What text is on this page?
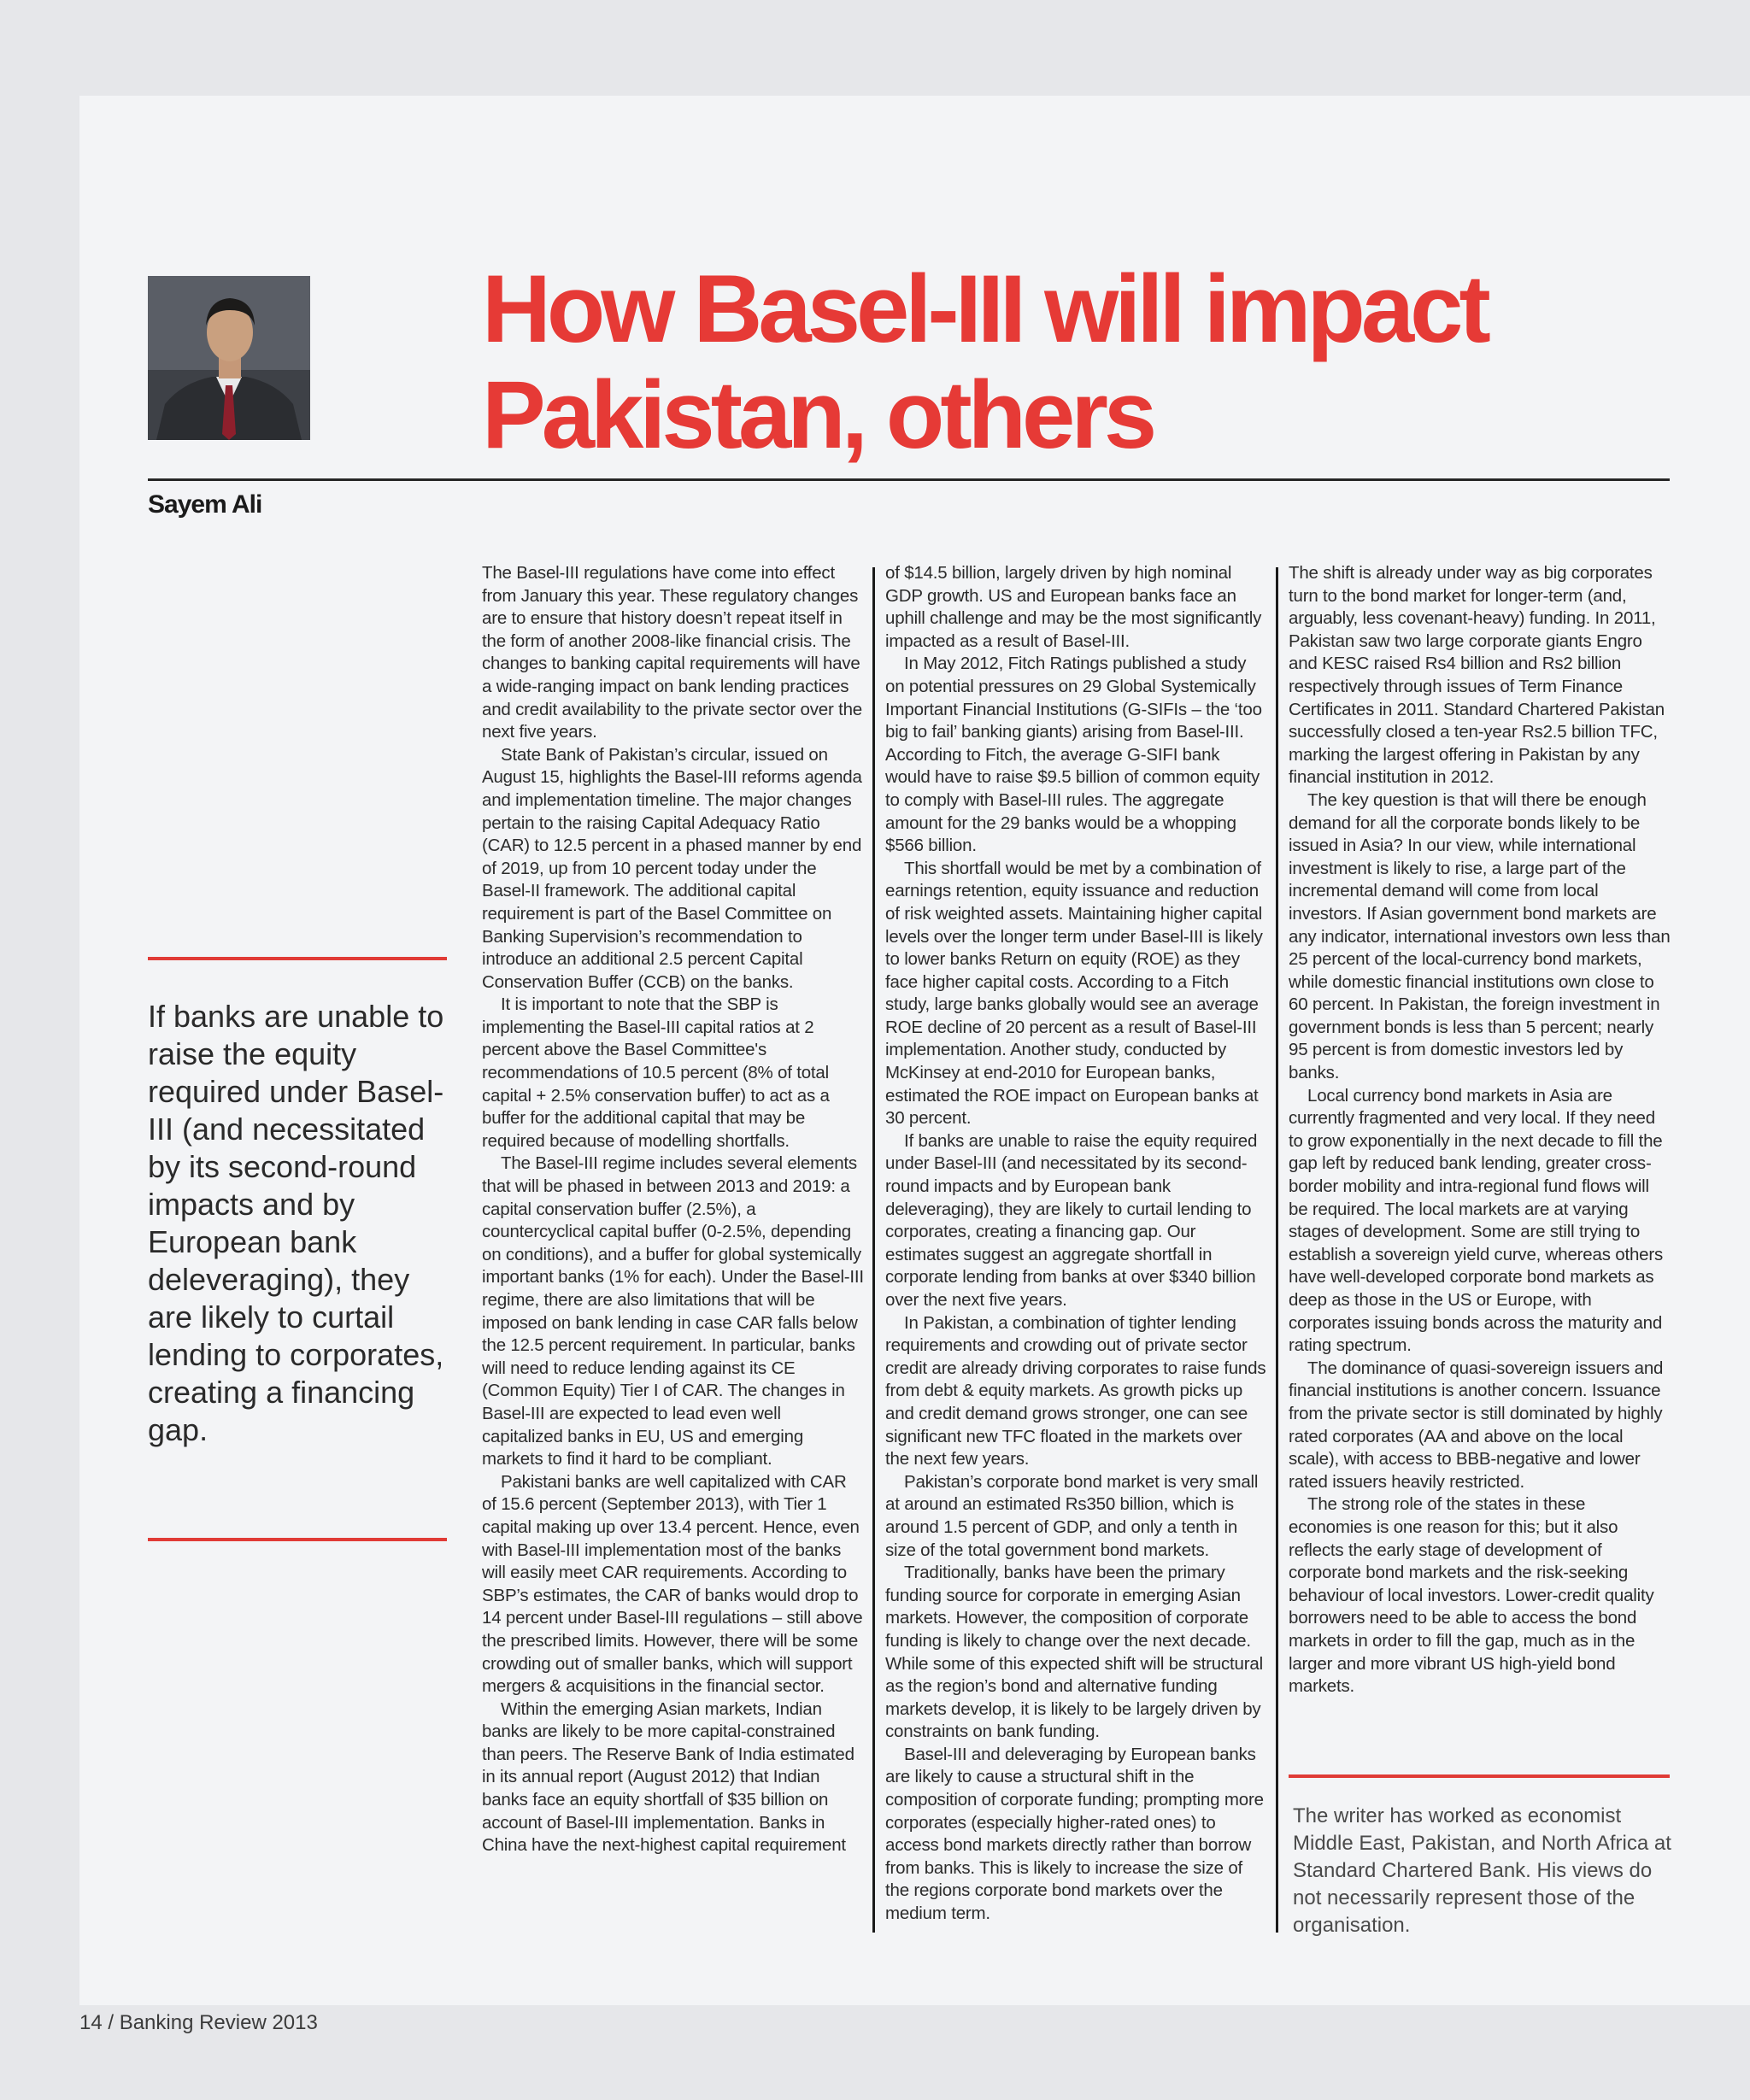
How Basel-III will impact Pakistan, others

Sayem Ali

If banks are unable to raise the equity required under Basel-III (and necessitated by its second-round impacts and by European bank deleveraging), they are likely to curtail lending to corporates, creating a financing gap.

The Basel-III regulations have come into effect from January this year. These regulatory changes are to ensure that history doesn’t repeat itself in the form of another 2008-like financial crisis. The changes to banking capital requirements will have a wide-ranging impact on bank lending practices and credit availability to the private sector over the next five years.

State Bank of Pakistan’s circular, issued on August 15, highlights the Basel-III reforms agenda and implementation timeline. The major changes pertain to the raising Capital Adequacy Ratio (CAR) to 12.5 percent in a phased manner by end of 2019, up from 10 percent today under the Basel-II framework. The additional capital requirement is part of the Basel Committee on Banking Supervision’s recommendation to introduce an additional 2.5 percent Capital Conservation Buffer (CCB) on the banks.

It is important to note that the SBP is implementing the Basel-III capital ratios at 2 percent above the Basel Committee's recommendations of 10.5 percent (8% of total capital + 2.5% conservation buffer) to act as a buffer for the additional capital that may be required because of modelling shortfalls.

The Basel-III regime includes several elements that will be phased in between 2013 and 2019: a capital conservation buffer (2.5%), a countercyclical capital buffer (0-2.5%, depending on conditions), and a buffer for global systemically important banks (1% for each). Under the Basel-III regime, there are also limitations that will be imposed on bank lending in case CAR falls below the 12.5 percent requirement. In particular, banks will need to reduce lending against its CE (Common Equity) Tier I of CAR. The changes in Basel-III are expected to lead even well capitalized banks in EU, US and emerging markets to find it hard to be compliant.

Pakistani banks are well capitalized with CAR of 15.6 percent (September 2013), with Tier 1 capital making up over 13.4 percent. Hence, even with Basel-III implementation most of the banks will easily meet CAR requirements. According to SBP’s estimates, the CAR of banks would drop to 14 percent under Basel-III regulations – still above the prescribed limits. However, there will be some crowding out of smaller banks, which will support mergers & acquisitions in the financial sector.

Within the emerging Asian markets, Indian banks are likely to be more capital-constrained than peers. The Reserve Bank of India estimated in its annual report (August 2012) that Indian banks face an equity shortfall of $35 billion on account of Basel-III implementation. Banks in China have the next-highest capital requirement

of $14.5 billion, largely driven by high nominal GDP growth. US and European banks face an uphill challenge and may be the most significantly impacted as a result of Basel-III.

In May 2012, Fitch Ratings published a study on potential pressures on 29 Global Systemically Important Financial Institutions (G-SIFIs – the ‘too big to fail’ banking giants) arising from Basel-III. According to Fitch, the average G-SIFI bank would have to raise $9.5 billion of common equity to comply with Basel-III rules. The aggregate amount for the 29 banks would be a whopping $566 billion.

This shortfall would be met by a combination of earnings retention, equity issuance and reduction of risk weighted assets. Maintaining higher capital levels over the longer term under Basel-III is likely to lower banks Return on equity (ROE) as they face higher capital costs. According to a Fitch study, large banks globally would see an average ROE decline of 20 percent as a result of Basel-III implementation. Another study, conducted by McKinsey at end-2010 for European banks, estimated the ROE impact on European banks at 30 percent.

If banks are unable to raise the equity required under Basel-III (and necessitated by its second-round impacts and by European bank deleveraging), they are likely to curtail lending to corporates, creating a financing gap. Our estimates suggest an aggregate shortfall in corporate lending from banks at over $340 billion over the next five years.

In Pakistan, a combination of tighter lending requirements and crowding out of private sector credit are already driving corporates to raise funds from debt & equity markets. As growth picks up and credit demand grows stronger, one can see significant new TFC floated in the markets over the next few years.

Pakistan’s corporate bond market is very small at around an estimated Rs350 billion, which is around 1.5 percent of GDP, and only a tenth in size of the total government bond markets.

Traditionally, banks have been the primary funding source for corporate in emerging Asian markets. However, the composition of corporate funding is likely to change over the next decade. While some of this expected shift will be structural as the region’s bond and alternative funding markets develop, it is likely to be largely driven by constraints on bank funding.

Basel-III and deleveraging by European banks are likely to cause a structural shift in the composition of corporate funding; prompting more corporates (especially higher-rated ones) to access bond markets directly rather than borrow from banks. This is likely to increase the size of the regions corporate bond markets over the medium term.

The shift is already under way as big corporates turn to the bond market for longer-term (and, arguably, less covenant-heavy) funding. In 2011, Pakistan saw two large corporate giants Engro and KESC raised Rs4 billion and Rs2 billion respectively through issues of Term Finance Certificates in 2011. Standard Chartered Pakistan successfully closed a ten-year Rs2.5 billion TFC, marking the largest offering in Pakistan by any financial institution in 2012.

The key question is that will there be enough demand for all the corporate bonds likely to be issued in Asia? In our view, while international investment is likely to rise, a large part of the incremental demand will come from local investors. If Asian government bond markets are any indicator, international investors own less than 25 percent of the local-currency bond markets, while domestic financial institutions own close to 60 percent. In Pakistan, the foreign investment in government bonds is less than 5 percent; nearly 95 percent is from domestic investors led by banks.

Local currency bond markets in Asia are currently fragmented and very local. If they need to grow exponentially in the next decade to fill the gap left by reduced bank lending, greater cross-border mobility and intra-regional fund flows will be required. The local markets are at varying stages of development. Some are still trying to establish a sovereign yield curve, whereas others have well-developed corporate bond markets as deep as those in the US or Europe, with corporates issuing bonds across the maturity and rating spectrum.

The dominance of quasi-sovereign issuers and financial institutions is another concern. Issuance from the private sector is still dominated by highly rated corporates (AA and above on the local scale), with access to BBB-negative and lower rated issuers heavily restricted.

The strong role of the states in these economies is one reason for this; but it also reflects the early stage of development of corporate bond markets and the risk-seeking behaviour of local investors. Lower-credit quality borrowers need to be able to access the bond markets in order to fill the gap, much as in the larger and more vibrant US high-yield bond markets.

The writer has worked as economist Middle East, Pakistan, and North Africa at Standard Chartered Bank. His views do not necessarily represent those of the organisation.

14 / Banking Review 2013
